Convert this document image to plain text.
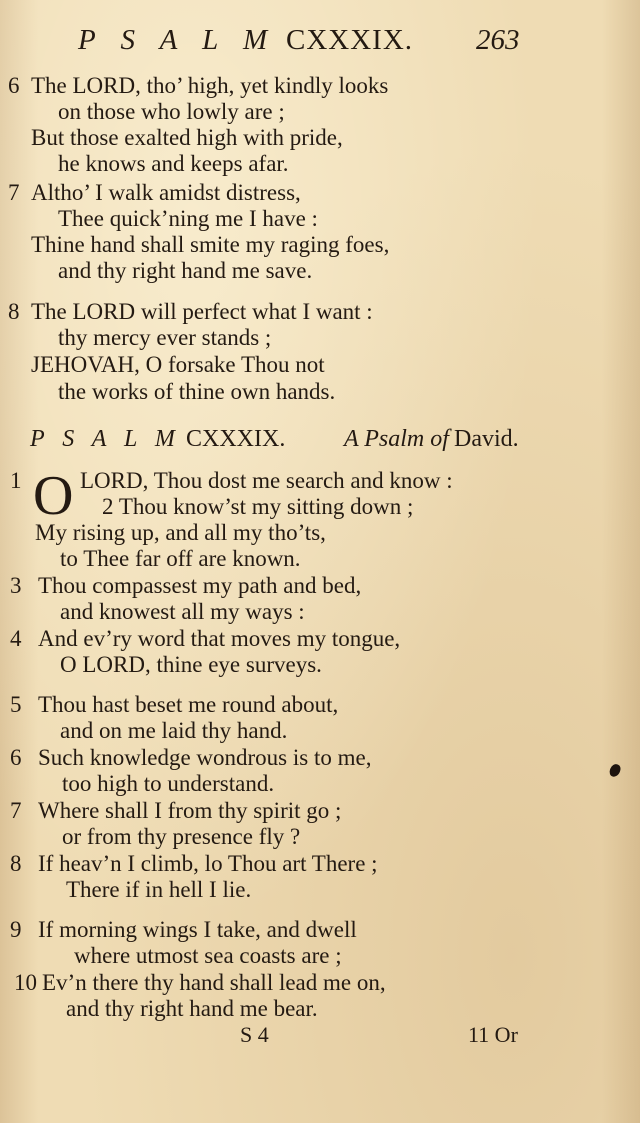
P S A L M CXXXIX. 263
6 The LORD, tho’ high, yet kindly looks
on those who lowly are ;
But those exalted high with pride,
he knows and keeps afar.
7 Altho’ I walk amidst distress,
Thee quick’ning me I have :
Thine hand shall smite my raging foes,
and thy right hand me save.
8 The LORD will perfect what I want :
thy mercy ever stands ;
JEHOVAH, O forsake Thou not
the works of thine own hands.
P S A L M CXXXIX. A Psalm of David.
1 O LORD, Thou dost me search and know :
2 Thou know’st my sitting down ;
My rising up, and all my tho’ts,
to Thee far off are known.
3 Thou compassest my path and bed,
and knowest all my ways :
4 And ev’ry word that moves my tongue,
O LORD, thine eye surveys.
5 Thou hast beset me round about,
and on me laid thy hand.
6 Such knowledge wondrous is to me,
too high to understand.
7 Where shall I from thy spirit go ;
or from thy presence fly ?
8 If heav’n I climb, lo Thou art There ;
There if in hell I lie.
9 If morning wings I take, and dwell
where utmost sea coasts are ;
10 Ev’n there thy hand shall lead me on,
and thy right hand me bear.
S 4	11 Or
